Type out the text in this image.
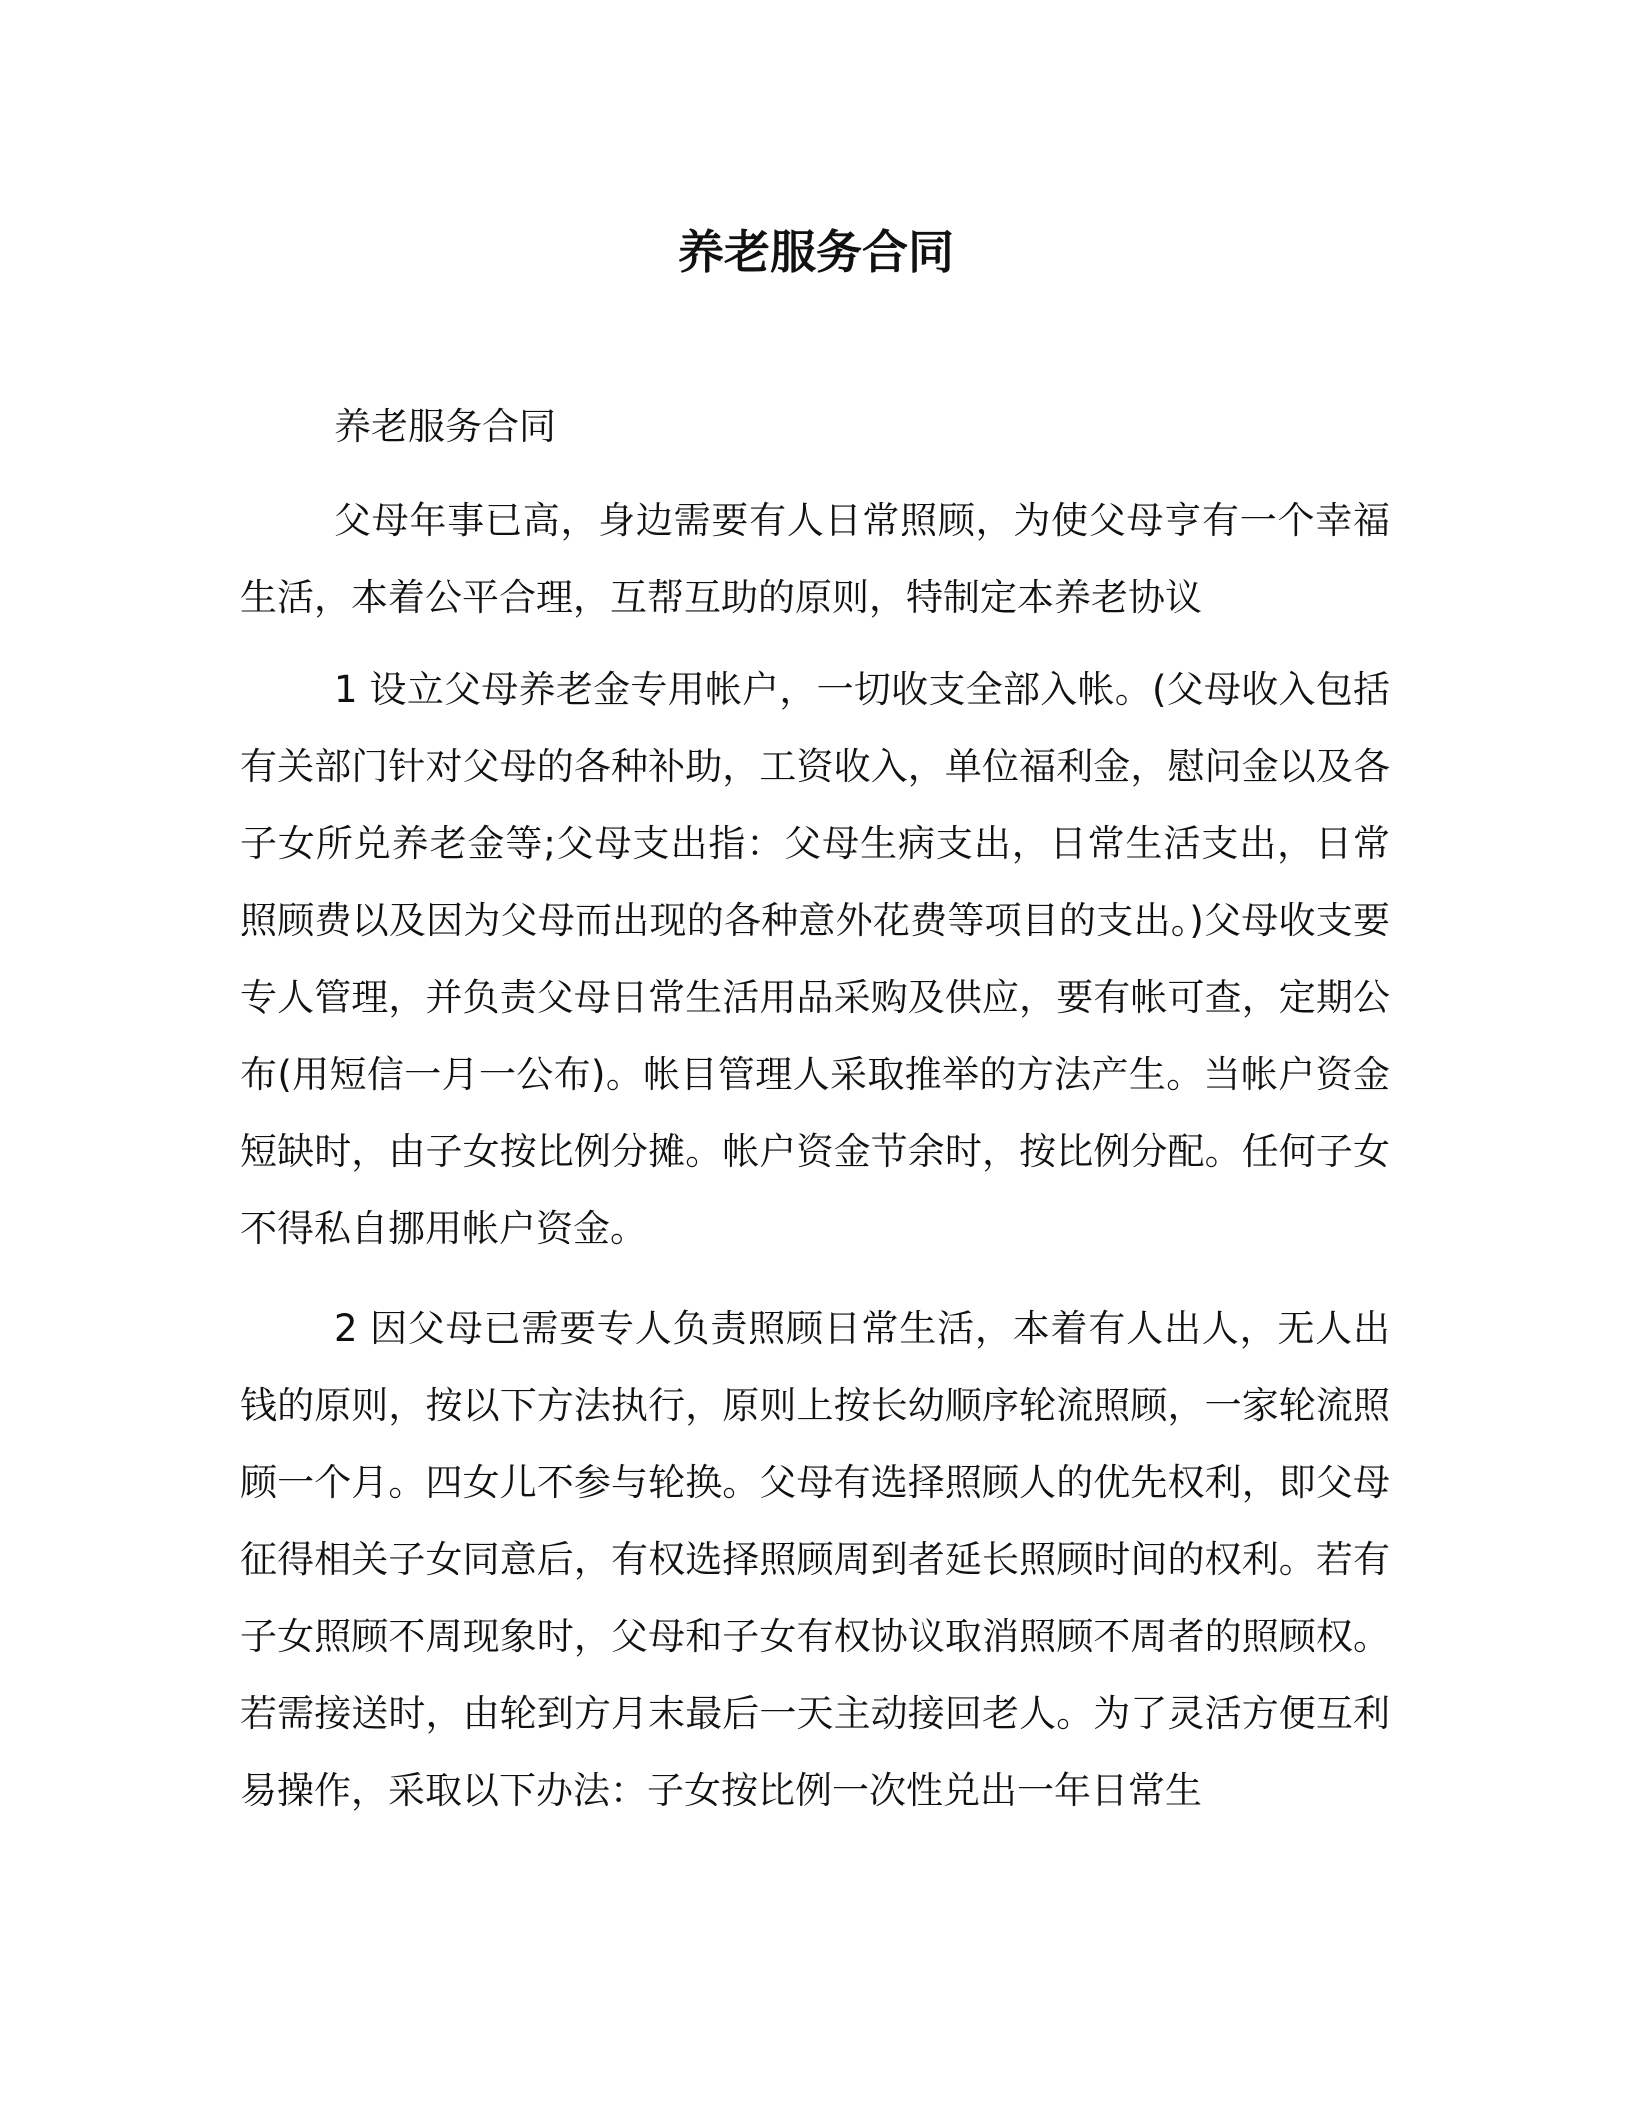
养老服务合同

养老服务合同

父母年事已高，身边需要有人日常照顾，为使父母亨有一个幸福生活，本着公平合理，互帮互助的原则，特制定本养老协议

1 设立父母养老金专用帐户，一切收支全部入帐。(父母收入包括有关部门针对父母的各种补助，工资收入，单位福利金，慰问金以及各子女所兑养老金等;父母支出指：父母生病支出，日常生活支出，日常照顾费以及因为父母而出现的各种意外花费等项目的支出。)父母收支要专人管理，并负责父母日常生活用品采购及供应，要有帐可查，定期公布(用短信一月一公布)。帐目管理人采取推举的方法产生。当帐户资金短缺时，由子女按比例分摊。帐户资金节余时，按比例分配。任何子女不得私自挪用帐户资金。

2 因父母已需要专人负责照顾日常生活，本着有人出人，无人出钱的原则，按以下方法执行，原则上按长幼顺序轮流照顾，一家轮流照顾一个月。四女儿不参与轮换。父母有选择照顾人的优先权利，即父母征得相关子女同意后，有权选择照顾周到者延长照顾时间的权利。若有子女照顾不周现象时，父母和子女有权协议取消照顾不周者的照顾权。若需接送时，由轮到方月末最后一天主动接回老人。为了灵活方便互利易操作，采取以下办法：子女按比例一次性兑出一年日常生
